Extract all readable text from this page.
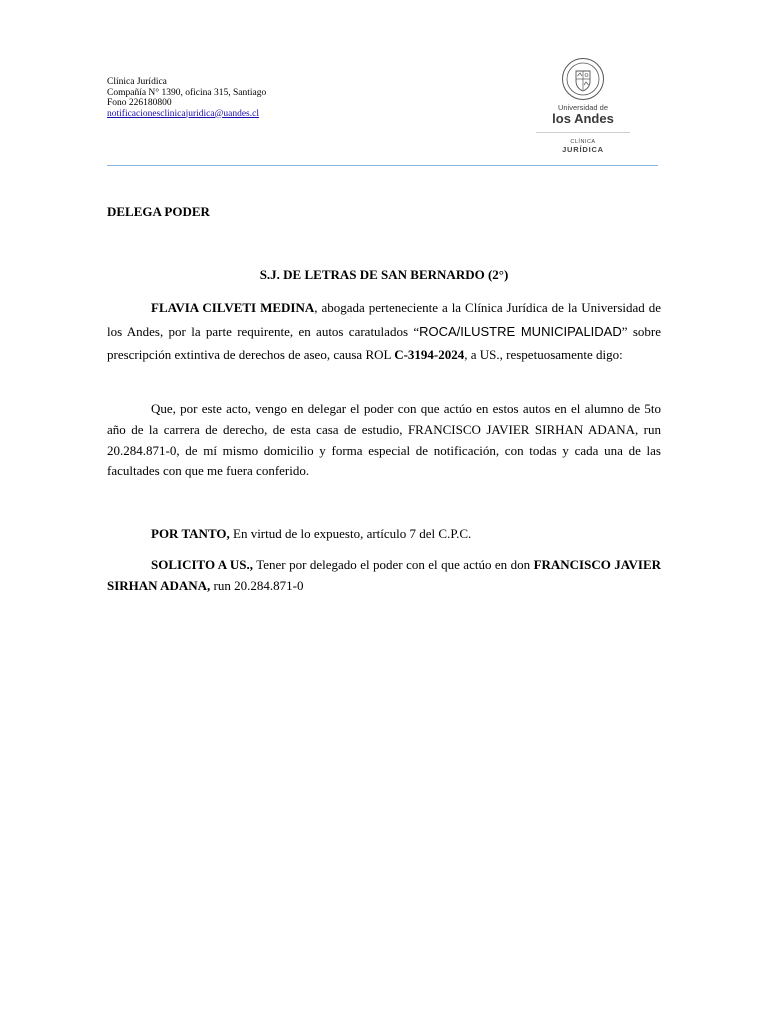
Clínica Jurídica
Compañía N° 1390, oficina 315, Santiago
Fono 226180800
notificacionesclinicajuridica@uandes.cl
Universidad de
los Andes
CLÍNICA
JURÍDICA
DELEGA PODER
S.J. DE LETRAS DE SAN BERNARDO (2°)
FLAVIA CILVETI MEDINA, abogada perteneciente a la Clínica Jurídica de la Universidad de los Andes, por la parte requirente, en autos caratulados “ROCA/ILUSTRE MUNICIPALIDAD” sobre prescripción extintiva de derechos de aseo, causa ROL C-3194-2024, a US., respetuosamente digo:
Que, por este acto, vengo en delegar el poder con que actúo en estos autos en el alumno de 5to año de la carrera de derecho, de esta casa de estudio, FRANCISCO JAVIER SIRHAN ADANA, run 20.284.871-0, de mí mismo domicilio y forma especial de notificación, con todas y cada una de las facultades con que me fuera conferido.
POR TANTO, En virtud de lo expuesto, artículo 7 del C.P.C.
SOLICITO A US., Tener por delegado el poder con el que actúo en don FRANCISCO JAVIER SIRHAN ADANA, run 20.284.871-0
